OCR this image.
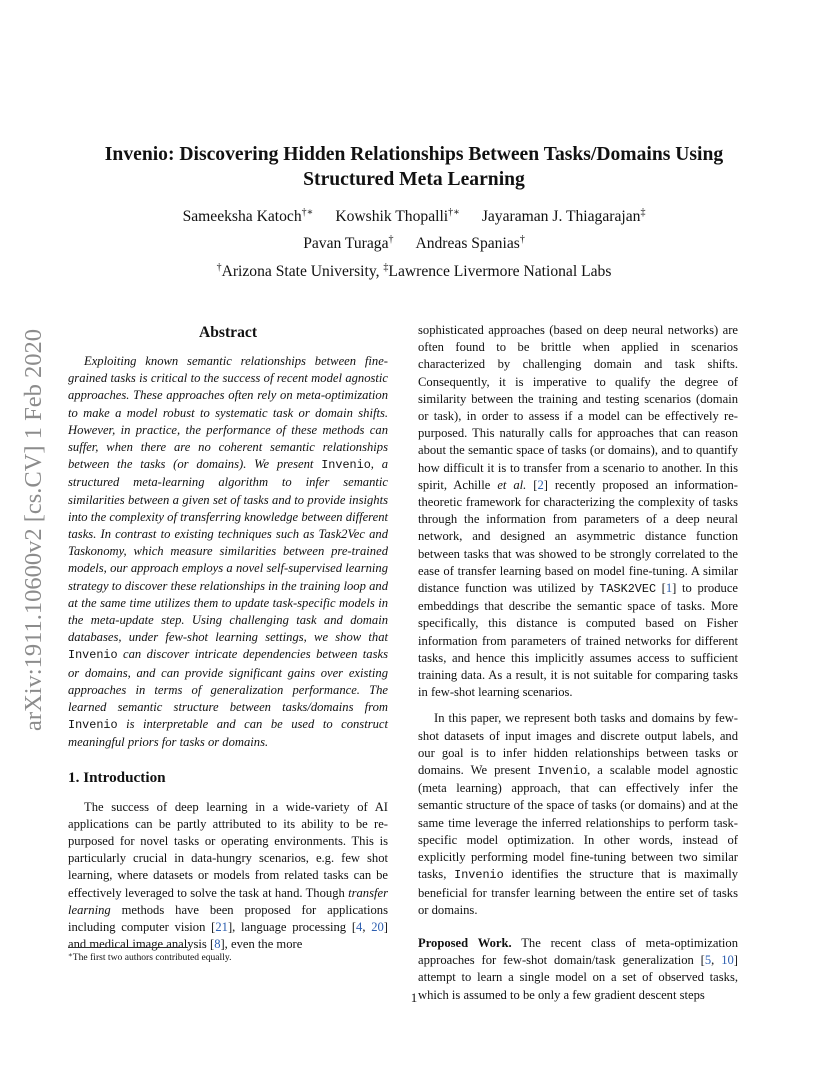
arXiv:1911.10600v2 [cs.CV] 1 Feb 2020
Invenio: Discovering Hidden Relationships Between Tasks/Domains Using
Structured Meta Learning
Sameeksha Katoch†∗ Kowshik Thopalli†∗ Jayaraman J. Thiagarajan‡
Pavan Turaga† Andreas Spanias†
†Arizona State University, ‡Lawrence Livermore National Labs
Abstract

Exploiting known semantic relationships between fine-grained tasks is critical to the success of recent model agnostic approaches. These approaches often rely on meta-optimization to make a model robust to systematic task or domain shifts. However, in practice, the performance of these methods can suffer, when there are no coherent semantic relationships between the tasks (or domains). We present Invenio, a structured meta-learning algorithm to infer semantic similarities between a given set of tasks and to provide insights into the complexity of transferring knowledge between different tasks. In contrast to existing techniques such as Task2Vec and Taskonomy, which measure similarities between pre-trained models, our approach employs a novel self-supervised learning strategy to discover these relationships in the training loop and at the same time utilizes them to update task-specific models in the meta-update step. Using challenging task and domain databases, under few-shot learning settings, we show that Invenio can discover intricate dependencies between tasks or domains, and can provide significant gains over existing approaches in terms of generalization performance. The learned semantic structure between tasks/domains from Invenio is interpretable and can be used to construct meaningful priors for tasks or domains.

1. Introduction

The success of deep learning in a wide-variety of AI applications can be partly attributed to its ability to be re-purposed for novel tasks or operating environments. This is particularly crucial in data-hungry scenarios, e.g. few shot learning, where datasets or models from related tasks can be effectively leveraged to solve the task at hand. Though transfer learning methods have been proposed for applications including computer vision [21], language processing [4, 20] and medical image analysis [8], even the more

sophisticated approaches (based on deep neural networks) are often found to be brittle when applied in scenarios characterized by challenging domain and task shifts. Consequently, it is imperative to qualify the degree of similarity between the training and testing scenarios (domain or task), in order to assess if a model can be effectively re-purposed. This naturally calls for approaches that can reason about the semantic space of tasks (or domains), and to quantify how difficult it is to transfer from a scenario to another. In this spirit, Achille et al. [2] recently proposed an information-theoretic framework for characterizing the complexity of tasks through the information from parameters of a deep neural network, and designed an asymmetric distance function between tasks that was showed to be strongly correlated to the ease of transfer learning based on model fine-tuning. A similar distance function was utilized by TASK2VEC [1] to produce embeddings that describe the semantic space of tasks. More specifically, this distance is computed based on Fisher information from parameters of trained networks for different tasks, and hence this implicitly assumes access to sufficient training data. As a result, it is not suitable for comparing tasks in few-shot learning scenarios.

In this paper, we represent both tasks and domains by few-shot datasets of input images and discrete output labels, and our goal is to infer hidden relationships between tasks or domains. We present Invenio, a scalable model agnostic (meta learning) approach, that can effectively infer the semantic structure of the space of tasks (or domains) and at the same time leverage the inferred relationships to perform task-specific model optimization. In other words, instead of explicitly performing model fine-tuning between two similar tasks, Invenio identifies the structure that is maximally beneficial for transfer learning between the entire set of tasks or domains.

Proposed Work. The recent class of meta-optimization approaches for few-shot domain/task generalization [5, 10] attempt to learn a single model on a set of observed tasks, which is assumed to be only a few gradient descent steps

∗The first two authors contributed equally.
1
